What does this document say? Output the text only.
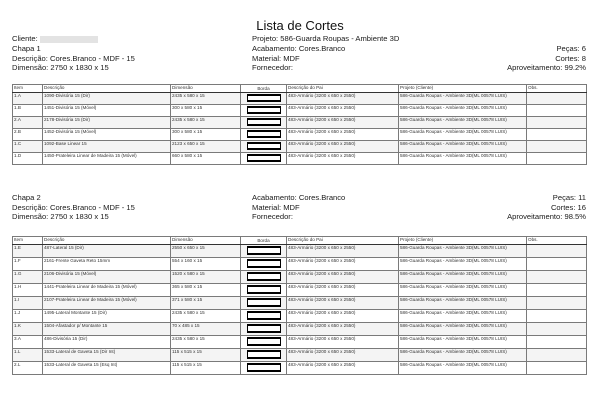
Lista de Cortes
Cliente:	Projeto: 586-Guarda Roupas - Ambiente 3D
Chapa 1
Descrição: Cores.Branco - MDF - 15
Dimensão: 2750 x 1830 x 15
Acabamento: Cores.Branco
Material: MDF
Fornecedor:
Peças: 6
Cortes: 8
Aproveitamento: 99.2%
Item	Descrição	Dimensão	Borda	Descrição do Pai	Projeto (Cliente)	Obs.
1.A	1090-Divisória 15 (Dir)	2435 x 580 x 15		483-Armário (3200 x 650 x 2550)	586-Guarda Roupas - Ambiente 3D(ML 00578 LUIS)	
1.B	1451-Divisória 15 (Móvel)	300 x 580 x 15		483-Armário (3200 x 650 x 2550)	586-Guarda Roupas - Ambiente 3D(ML 00578 LUIS)	
2.A	2178-Divisória 15 (Dir)	2435 x 580 x 15		483-Armário (3200 x 650 x 2550)	586-Guarda Roupas - Ambiente 3D(ML 00578 LUIS)	
2.B	1452-Divisória 15 (Móvel)	300 x 580 x 15		483-Armário (3200 x 650 x 2550)	586-Guarda Roupas - Ambiente 3D(ML 00578 LUIS)	
1.C	1092-Base Linear 15	2123 x 650 x 15		483-Armário (3200 x 650 x 2550)	586-Guarda Roupas - Ambiente 3D(ML 00578 LUIS)	
1.D	1450-Prateleira Linear de Madeira 15 (Móvel)	660 x 580 x 15		483-Armário (3200 x 650 x 2550)	586-Guarda Roupas - Ambiente 3D(ML 00578 LUIS)	
Chapa 2
Descrição: Cores.Branco - MDF - 15
Dimensão: 2750 x 1830 x 15
Acabamento: Cores.Branco
Material: MDF
Fornecedor:
Peças: 11
Cortes: 16
Aproveitamento: 98.5%
Item	Descrição	Dimensão	Borda	Descrição do Pai	Projeto (Cliente)	Obs.
1.E	487-Lateral 15 (Dir)	2550 x 650 x 15		483-Armário (3200 x 650 x 2550)	586-Guarda Roupas - Ambiente 3D(ML 00578 LUIS)	
1.F	2161-Frente Gaveta Reto 15mm	554 x 160 x 15		483-Armário (3200 x 650 x 2550)	586-Guarda Roupas - Ambiente 3D(ML 00578 LUIS)	
1.G	2106-Divisória 15 (Móvel)	1520 x 580 x 15		483-Armário (3200 x 650 x 2550)	586-Guarda Roupas - Ambiente 3D(ML 00578 LUIS)	
1.H	1441-Prateleira Linear de Madeira 15 (Móvel)	365 x 580 x 15		483-Armário (3200 x 650 x 2550)	586-Guarda Roupas - Ambiente 3D(ML 00578 LUIS)	
1.I	2107-Prateleira Linear de Madeira 15 (Móvel)	371 x 580 x 15		483-Armário (3200 x 650 x 2550)	586-Guarda Roupas - Ambiente 3D(ML 00578 LUIS)	
1.J	1495-Lateral Montante 15 (Dir)	2435 x 580 x 15		483-Armário (3200 x 650 x 2550)	586-Guarda Roupas - Ambiente 3D(ML 00578 LUIS)	
1.K	1504-Afastador p/ Montante 15	70 x 485 x 15		483-Armário (3200 x 650 x 2550)	586-Guarda Roupas - Ambiente 3D(ML 00578 LUIS)	
3.A	486-Divisória 15 (Dir)	2435 x 580 x 15		483-Armário (3200 x 650 x 2550)	586-Guarda Roupas - Ambiente 3D(ML 00578 LUIS)	
1.L	1533-Lateral de Gaveta 15 (Dir Int)	115 x 515 x 15		483-Armário (3200 x 650 x 2550)	586-Guarda Roupas - Ambiente 3D(ML 00578 LUIS)	
2.L	1533-Lateral de Gaveta 15 (Esq Int)	115 x 515 x 15		483-Armário (3200 x 650 x 2550)	586-Guarda Roupas - Ambiente 3D(ML 00578 LUIS)	
